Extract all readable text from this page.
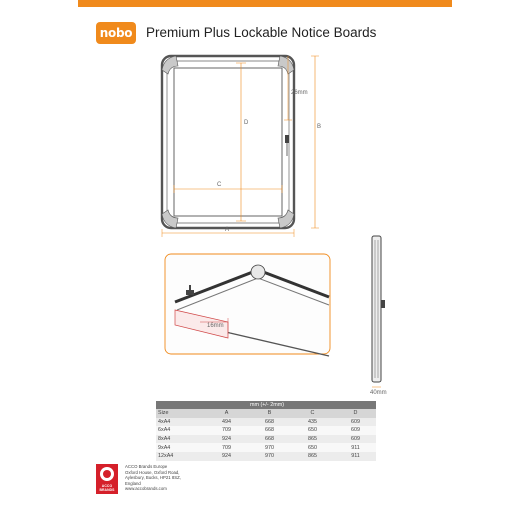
nobo Premium Plus Lockable Notice Boards
D
C
A
B
26mm
16mm
40mm
mm (+/- 2mm)				
Size	A	B	C	D
4xA4	494	668	435	609
6xA4	709	668	650	609
8xA4	924	668	865	609
9xA4	709	970	650	911
12xA4	924	970	865	911
ACCO BRANDS
ACCO Brands Europe
Oxford House, Oxford Road,
Aylesbury, Bucks, HP21 8SZ,
England
www.accobrands.com
